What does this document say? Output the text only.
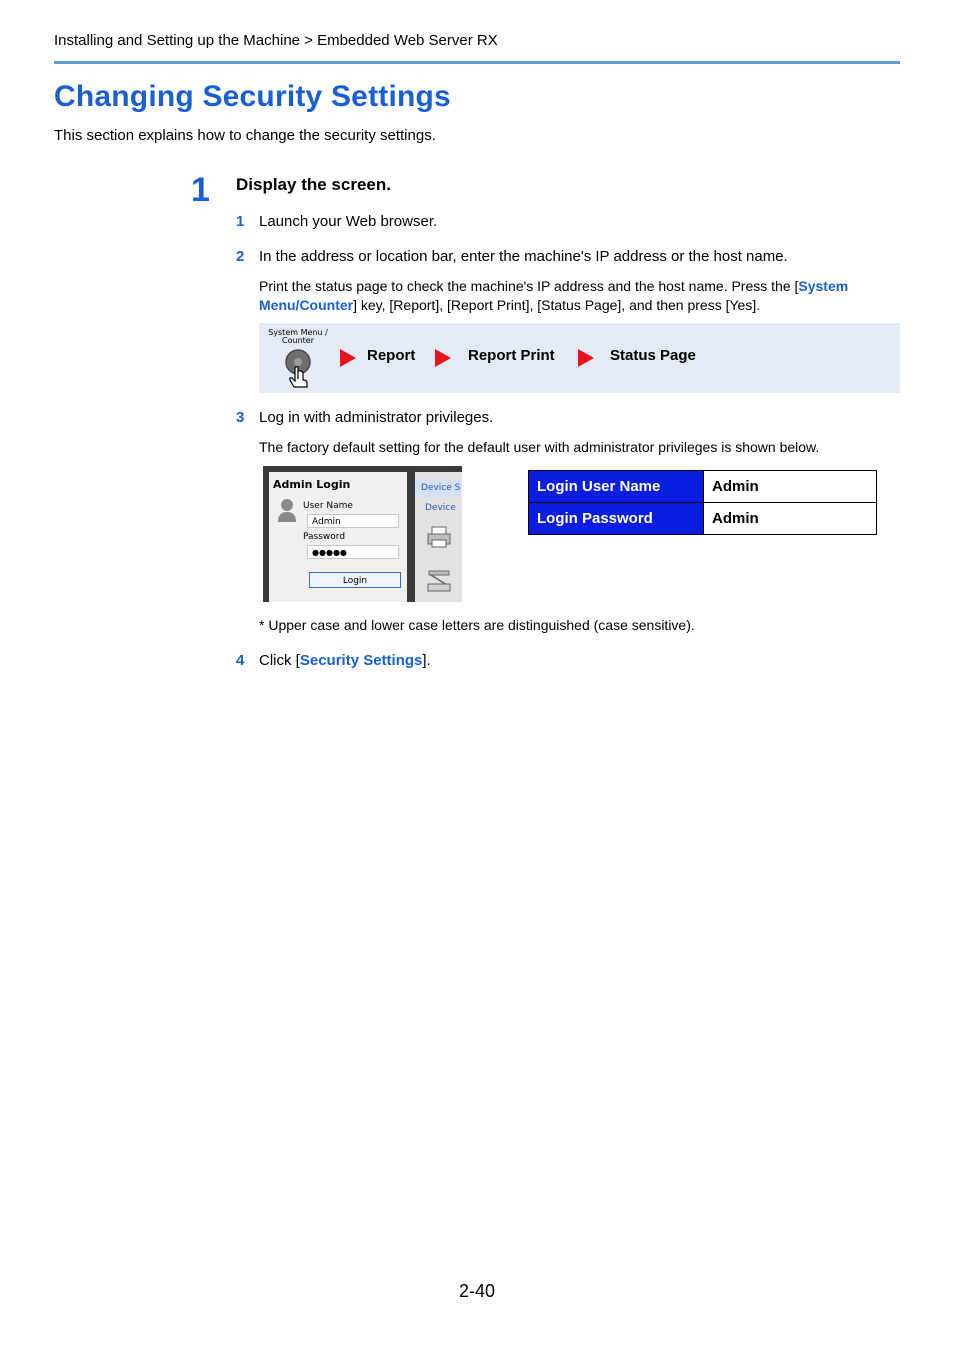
Installing and Setting up the Machine > Embedded Web Server RX
Changing Security Settings
This section explains how to change the security settings.
1 Display the screen.
1 Launch your Web browser.
2 In the address or location bar, enter the machine's IP address or the host name.
Print the status page to check the machine's IP address and the host name. Press the [System
Menu/Counter] key, [Report], [Report Print], [Status Page], and then press [Yes].
System Menu /
Counter
Report	Report Print	Status Page
3 Log in with administrator privileges.
The factory default setting for the default user with administrator privileges is shown below.
Admin Login
User Name
Admin
Password
●●●●●
Login
Device S
Device
Login User Name	Admin
Login Password	Admin
* Upper case and lower case letters are distinguished (case sensitive).
4 Click [Security Settings].
2-40
